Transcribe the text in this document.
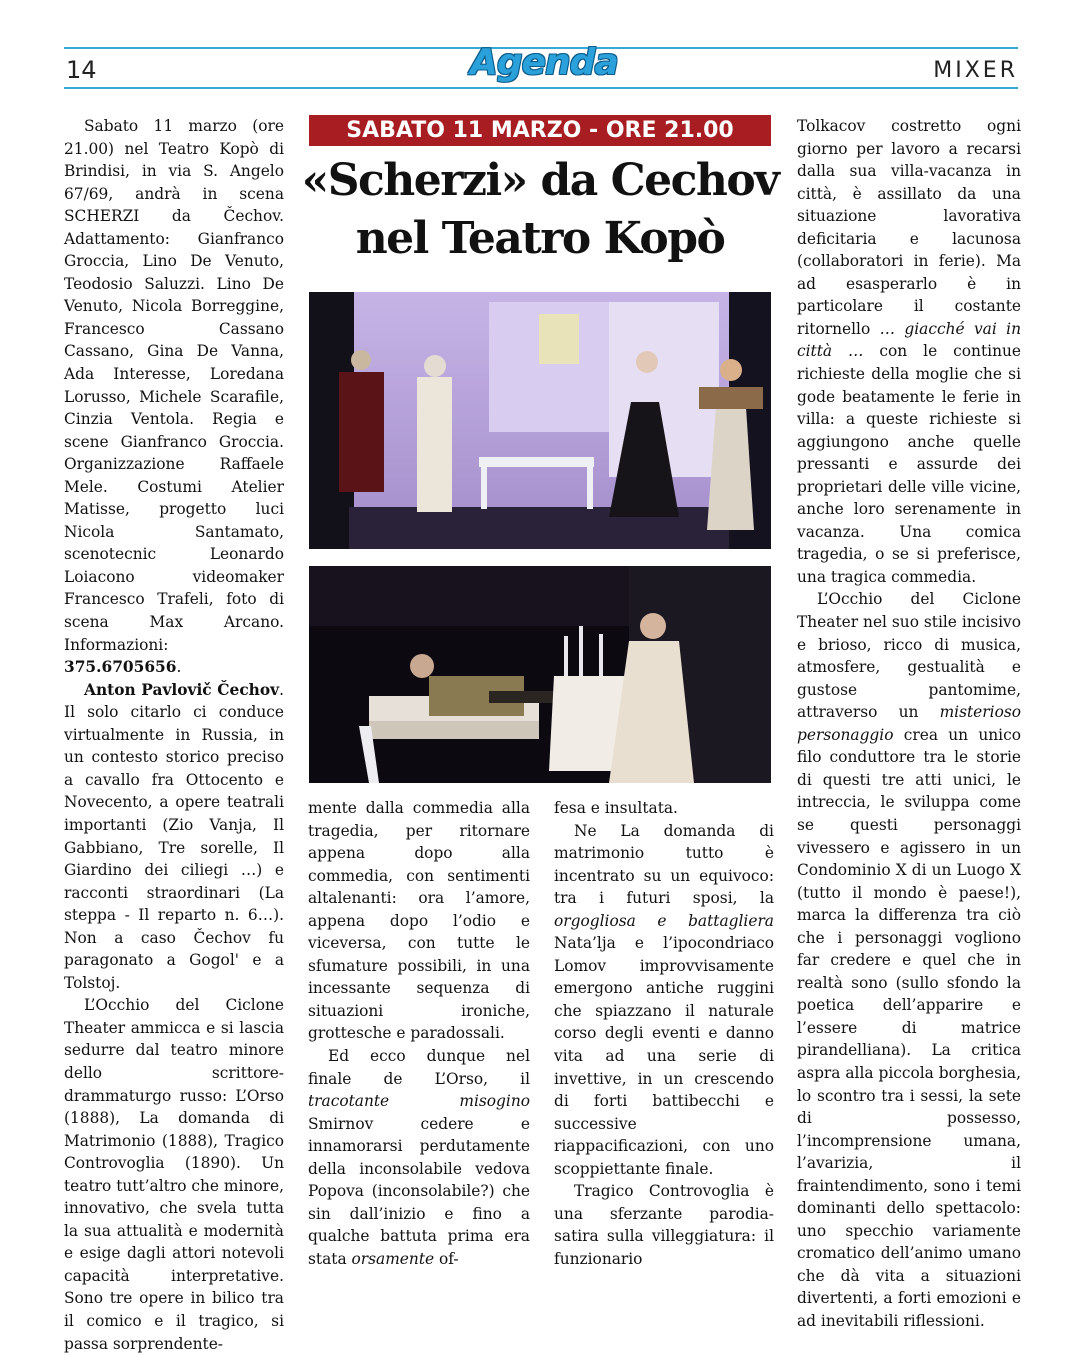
14	Agenda	MIXER

Sabato 11 marzo (ore 21.00) nel Teatro Kopò di Brindisi, in via S. Angelo 67/69, andrà in scena SCHERZI da Čechov. Adattamento: Gianfranco Groccia, Lino De Venuto, Teodosio Saluzzi. Lino De Venuto, Nicola Borreggine, Francesco Cassano Cassano, Gina De Vanna, Ada Interesse, Loredana Lorusso, Michele Scarafile, Cinzia Ventola. Regia e scene Gianfranco Groccia. Organizzazione Raffaele Mele. Costumi Atelier Matisse, progetto luci Nicola Santamato, scenotecnic Leonardo Loiacono videomaker Francesco Trafeli, foto di scena Max Arcano. Informazioni: 375.6705656.

Anton Pavlovič Čechov. Il solo citarlo ci conduce virtualmente in Russia, in un contesto storico preciso a cavallo fra Ottocento e Novecento, a opere teatrali importanti (Zio Vanja, Il Gabbiano, Tre sorelle, Il Giardino dei ciliegi …) e racconti straordinari (La steppa - Il reparto n. 6…). Non a caso Čechov fu paragonato a Gogol' e a Tolstoj.

L’Occhio del Ciclone Theater ammicca e si lascia sedurre dal teatro minore dello scrittore-drammaturgo russo: L’Orso (1888), La domanda di Matrimonio (1888), Tragico Controvoglia (1890). Un teatro tutt’altro che minore, innovativo, che svela tutta la sua attualità e modernità e esige dagli attori notevoli capacità interpretative. Sono tre opere in bilico tra il comico e il tragico, si passa sorprendente-

SABATO 11 MARZO - ORE 21.00
«Scherzi» da Cechov
nel Teatro Kopò

mente dalla commedia alla tragedia, per ritornare appena dopo alla commedia, con sentimenti altalenanti: ora l’amore, appena dopo l’odio e viceversa, con tutte le sfumature possibili, in una incessante sequenza di situazioni ironiche, grottesche e paradossali.

Ed ecco dunque nel finale de L’Orso, il tracotante misogino Smirnov cedere e innamorarsi perdutamente della inconsolabile vedova Popova (inconsolabile?) che sin dall’inizio e fino a qualche battuta prima era stata orsamente of-

fesa e insultata.

Ne La domanda di matrimonio tutto è incentrato su un equivoco: tra i futuri sposi, la orgogliosa e battagliera Nata’lja e l’ipocondriaco Lomov improvvisamente emergono antiche ruggini che spiazzano il naturale corso degli eventi e danno vita ad una serie di invettive, in un crescendo di forti battibecchi e successive riappacificazioni, con uno scoppiettante finale.

Tragico Controvoglia è una sferzante parodia-satira sulla villeggiatura: il funzionario

Tolkacov costretto ogni giorno per lavoro a recarsi dalla sua villa-vacanza in città, è assillato da una situazione lavorativa deficitaria e lacunosa (collaboratori in ferie). Ma ad esasperarlo è in particolare il costante ritornello … giacché vai in città … con le continue richieste della moglie che si gode beatamente le ferie in villa: a queste richieste si aggiungono anche quelle pressanti e assurde dei proprietari delle ville vicine, anche loro serenamente in vacanza. Una comica tragedia, o se si preferisce, una tragica commedia.

L’Occhio del Ciclone Theater nel suo stile incisivo e brioso, ricco di musica, atmosfere, gestualità e gustose pantomime, attraverso un misterioso personaggio crea un unico filo conduttore tra le storie di questi tre atti unici, le intreccia, le sviluppa come se questi personaggi vivessero e agissero in un Condominio X di un Luogo X (tutto il mondo è paese!), marca la differenza tra ciò che i personaggi vogliono far credere e quel che in realtà sono (sullo sfondo la poetica dell’apparire e l’essere di matrice pirandelliana). La critica aspra alla piccola borghesia, lo scontro tra i sessi, la sete di possesso, l’incomprensione umana, l’avarizia, il fraintendimento, sono i temi dominanti dello spettacolo: uno specchio variamente cromatico dell’animo umano che dà vita a situazioni divertenti, a forti emozioni e ad inevitabili riflessioni.
